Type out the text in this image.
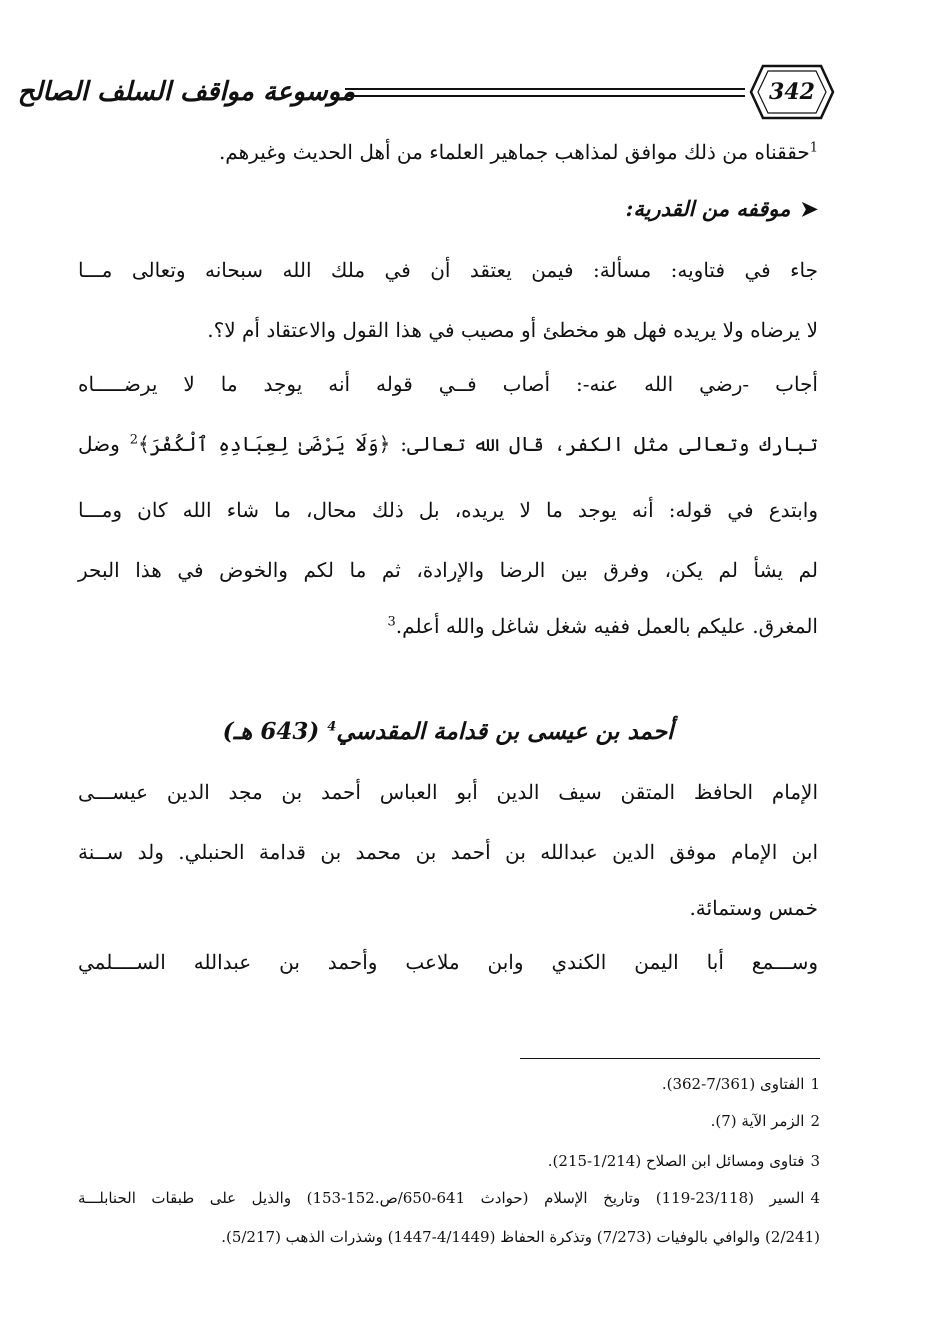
موسوعة مواقف السلف الصالح	342
$^1$حققناه من ذلك موافق لمذاهب جماهير العلماء من أهل الحديث وغيرهم.
➤موقفه من القدرية:
جاء في فتاويه: مسألة: فيمن يعتقد أن في ملك الله سبحانه وتعالى مـــا
لا يرضاه ولا يريده فهل هو مخطئ أو مصيب في هذا القول والاعتقاد أم لا؟.
أجاب -رضي الله عنه-: أصاب فــي قوله أنه يوجد ما لا يرضـــــاه
تبارك وتعالى مثل الكفر، قال الله تعالى: ﴿وَلَا يَرْضَىٰ لِعِبَادِهِ ٱلْكُفْرَ﴾$^2$ وضل
وابتدع في قوله: أنه يوجد ما لا يريده، بل ذلك محال، ما شاء الله كان ومـــا
لم يشأ لم يكن، وفرق بين الرضا والإرادة، ثم ما لكم والخوض في هذا البحر
المغرق. عليكم بالعمل ففيه شغل شاغل والله أعلم.$^3$
أحمد بن عيسى بن قدامة المقدسي$^4$ (643 هـ)
الإمام الحافظ المتقن سيف الدين أبو العباس أحمد بن مجد الدين عيســـى
ابن الإمام موفق الدين عبدالله بن أحمد بن محمد بن قدامة الحنبلي. ولد ســنة
خمس وستمائة.
وســـمع أبا اليمن الكندي وابن ملاعب وأحمد بن عبدالله الســــلمي
1الفتاوى (7/361-362).
2الزمر الآية (7).
3فتاوى ومسائل ابن الصلاح (1/214-215).
4السير (23/118-119) وتاريخ الإسلام (حوادث 641-650/ص.152-153) والذيل على طبقات الحنابلـــة
(2/241) والوافي بالوفيات (7/273) وتذكرة الحفاظ (4/1449-1447) وشذرات الذهب (5/217).
